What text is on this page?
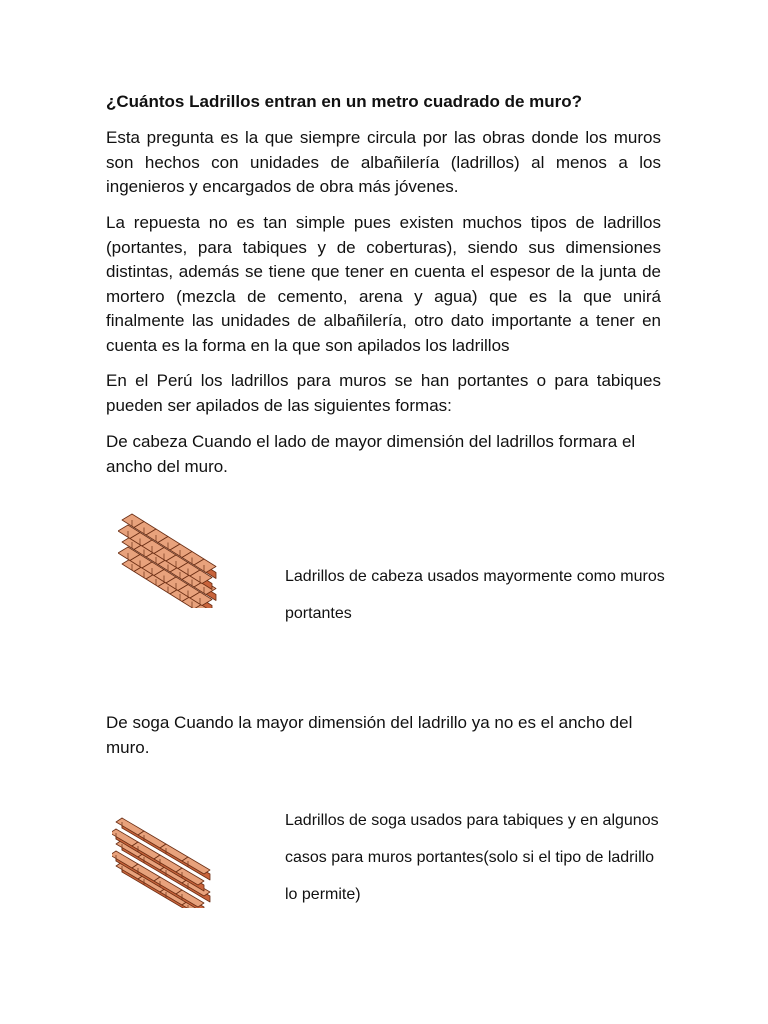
¿Cuántos Ladrillos entran en un metro cuadrado de muro?

Esta pregunta es la que siempre circula por las obras donde los muros son hechos con unidades de albañilería (ladrillos) al menos a los ingenieros y encargados de obra más jóvenes.

La repuesta no es tan simple pues existen muchos tipos de ladrillos (portantes, para tabiques y de coberturas), siendo sus dimensiones distintas, además se tiene que tener en cuenta el espesor de la junta de mortero (mezcla de cemento, arena y agua) que es la que unirá finalmente las unidades de albañilería, otro dato importante a tener en cuenta es la forma en la que son apilados los ladrillos

En el Perú los ladrillos para muros se han portantes o para tabiques pueden ser apilados de las siguientes formas:

De cabeza Cuando el lado de mayor dimensión del ladrillos formara el ancho del muro.

Ladrillos de cabeza usados mayormente como muros portantes

De soga Cuando la mayor dimensión del ladrillo ya no es el ancho del muro.

Ladrillos de soga usados para tabiques y en algunos casos para muros portantes(solo si el tipo de ladrillo lo permite)
